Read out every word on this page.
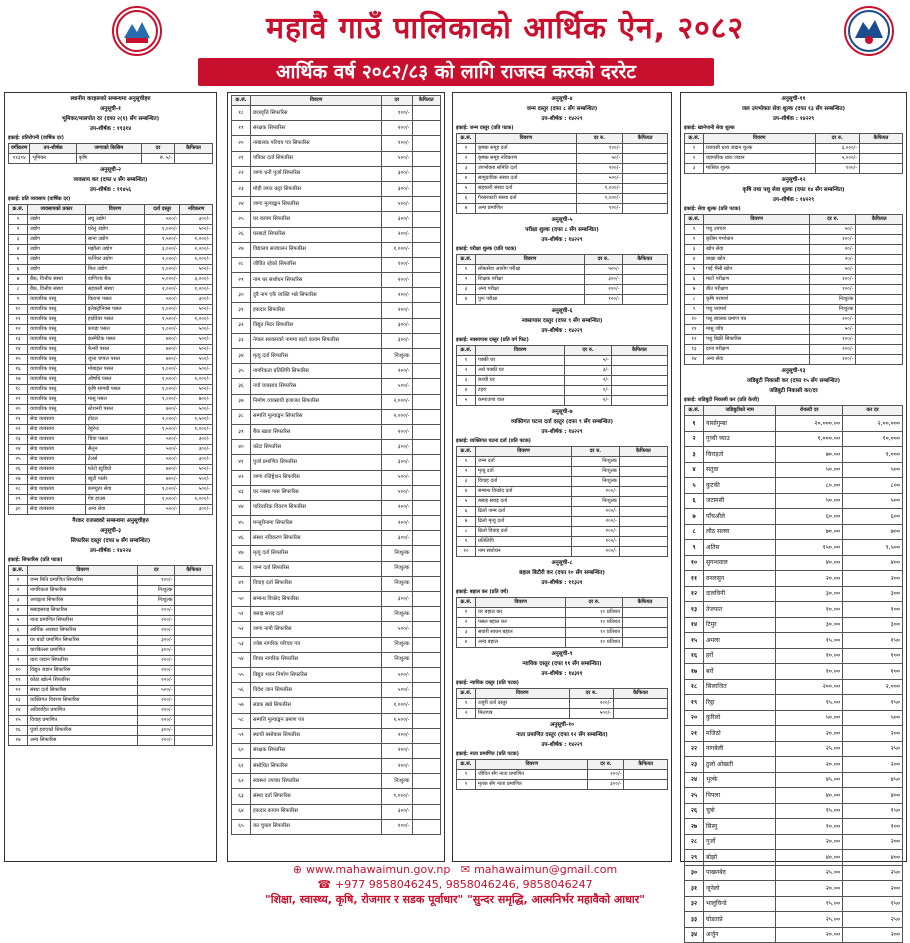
महावै गाउँ पालिकाको आर्थिक ऐन, २०८२
आर्थिक वर्ष २०८२/८३ को लागि राजस्व करको दररेट
स्थानीय करहरूको सम्बन्धमा अनुसूचीहरु
अनुसूची-१
भूमिकर/मालपोत दर (दफा २(१) सँग सम्बन्धित)
उप-शीर्षक : ११३१४
इकाई: प्रतिरोपनी (वार्षिक दर)
वर्गीकरण	उप-शीर्षक	जग्गाको किसिम	दर	कैफियत
११३१४	भूमिकर	कृषि	रु. ५/-	
अनुसूची-२
व्यवसाय कर (दफा ४ सँग सम्बन्धित)
उप-शीर्षक : ११४५६
इकाई: प्रति व्यवसाय (वार्षिक दर)
क्र.सं.	व्यवसायको प्रकार	विवरण	दर्ता दस्तुर	नविकरण
१	उद्योग	लघु उद्योग	५००/-	३००/-
२	उद्योग	घरेलु उद्योग	१,०००/-	५००/-
३	उद्योग	साना उद्योग	१,५००/-	१,०००/-
४	उद्योग	मझौला उद्योग	३,०००/-	२,०००/-
५	उद्योग	फर्निचर उद्योग	२,०००/-	१,०००/-
६	उद्योग	मिल उद्योग	१,०००/-	५००/-
७	बैंक, वित्तीय संस्था	वाणिज्य बैंक	५,०००/-	३,०००/-
८	बैंक, वित्तीय संस्था	सहकारी संस्था	२,०००/-	१,०००/-
९	व्यापारिक वस्तु	किराना पसल	५००/-	३००/-
१०	व्यापारिक वस्तु	इलेक्ट्रोनिक्स पसल	१,०००/-	५००/-
११	व्यापारिक वस्तु	हार्डवेयर पसल	१,५००/-	१,०००/-
१२	व्यापारिक वस्तु	कपडा पसल	१,०००/-	५००/-
१३	व्यापारिक वस्तु	कस्मेटिक पसल	७००/-	५००/-
१४	व्यापारिक वस्तु	फेन्सी पसल	७००/-	५००/-
१५	व्यापारिक वस्तु	जुत्ता चप्पल पसल	७००/-	५००/-
१६	व्यापारिक वस्तु	मोबाइल पसल	१,०००/-	५००/-
१७	व्यापारिक वस्तु	औषधि पसल	१,५००/-	१,०००/-
१८	व्यापारिक वस्तु	कृषि सामग्री पसल	१,०००/-	५००/-
१९	व्यापारिक वस्तु	मासु पसल	१,०००/-	७००/-
२०	व्यापारिक वस्तु	स्टेशनरी पसल	७००/-	५००/-
२१	सेवा व्यवसाय	होटल	२,०००/-	१,५००/-
२२	सेवा व्यवसाय	रेष्टुरेन्ट	१,५००/-	१,०००/-
२३	सेवा व्यवसाय	चिया पसल	५००/-	३००/-
२४	सेवा व्यवसाय	सैलुन	५००/-	३००/-
२५	सेवा व्यवसाय	टेलर्स	५००/-	३००/-
२६	सेवा व्यवसाय	फोटो स्टुडियो	७००/-	५००/-
२७	सेवा व्यवसाय	ब्युटी पार्लर	७००/-	५००/-
२८	सेवा व्यवसाय	कम्प्युटर सेवा	१,०००/-	५००/-
२९	सेवा व्यवसाय	गेष्ट हाउस	१,५००/-	१,०००/-
३०	सेवा व्यवसाय	अन्य सेवा	५००/-	३००/-
गैरकर राजस्वको सम्बन्धमा अनुसूचीहरु
अनुसूची-३
सिफारिस दस्तुर (दफा ७ सँग सम्बन्धित)
उप-शीर्षक : १४२२४
इकाई: सिफारिस (प्रति पटक)
क्र.सं.	विवरण	दर	कैफियत
१	जन्म मिति प्रमाणित सिफारिस	१००/-	
२	नागरिकता सिफारिस	निःशुल्क	
३	अपाङ्गता सिफारिस	निःशुल्क	
४	बसाइसराइ सिफारिस	२००/-	
५	नाता प्रमाणित सिफारिस	२००/-	
६	आर्थिक अवस्था सिफारिस	२००/-	
७	घर बाटो प्रमाणित सिफारिस	३००/-	
८	चारकिल्ला प्रमाणित	३००/-	
९	धारा जडान सिफारिस	२००/-	
१०	विद्युत जडान सिफारिस	२००/-	
११	कोठा खोल्ने सिफारिस	२००/-	
१२	संस्था दर्ता सिफारिस	५००/-	
१३	व्यक्तिगत विवरण सिफारिस	२००/-	
१४	अविवाहित प्रमाणित	२००/-	
१५	विवाह प्रमाणित	२००/-	
१६	पुर्जा हराएको सिफारिस	३००/-	
१७	अन्य सिफारिस	२००/-	
क्र.सं.	विवरण	दर	कैफियत
१८	छात्रवृत्ति सिफारिस	१००/-	
१९	संरक्षक सिफारिस	२००/-	
२०	नाबालक परिचय पत्र सिफारिस	१००/-	
२१	पत्रिका दर्ता सिफारिस	५००/-	
२२	जग्गा धनी पुर्जा सिफारिस	३००/-	
२३	मोही लगत कट्टा सिफारिस	३००/-	
२४	जग्गा मुल्याङ्कन सिफारिस	५००/-	
२५	घर कायम सिफारिस	३००/-	
२६	घरबाटो सिफारिस	२००/-	
२७	विद्यालय सञ्चालन सिफारिस	१,०००/-	
२८	जीवित रहेको सिफारिस	१००/-	
२९	नाम थर संशोधन सिफारिस	२००/-	
३०	दुवै नाम एकै व्यक्ति भन्ने सिफारिस	२००/-	
३१	हकदार सिफारिस	२००/-	
३२	विद्युत मिटर सिफारिस	३००/-	
३३	नेपाल सरकारको नाममा बाटो कायम सिफारिस	३००/-	
३४	मृत्यु दर्ता सिफारिस	निःशुल्क	
३५	नागरिकता प्रतिलिपि सिफारिस	२००/-	
३६	नयाँ व्यवसाय सिफारिस	५००/-	
३७	निर्माण व्यवसायी इजाजत सिफारिस	२,०००/-	
३८	सम्पत्ति मूल्याङ्कन सिफारिस	२,०००/-	
३९	बैंक खाता सिफारिस	२००/-	
४०	कोटा सिफारिस	३००/-	
४१	पुर्जा प्रमाणित सिफारिस	३००/-	
४२	जग्गा रजिष्ट्रेशन सिफारिस	५००/-	
४३	घर नक्सा पास सिफारिस	५००/-	
४४	पारिवारिक विवरण सिफारिस	२००/-	
४५	मन्जुरीनामा सिफारिस	२००/-	
४६	संस्था नविकरण सिफारिस	३००/-	
४७	मृत्यु दर्ता सिफारिस	निःशुल्क	
४८	जन्म दर्ता सिफारिस	निःशुल्क	
४९	विवाह दर्ता सिफारिस	निःशुल्क	
५०	सम्बन्ध विच्छेद सिफारिस	३००/-	
५१	बसाइ सराइ दर्ता	निःशुल्क	
५२	जग्गा नापी सिफारिस	५००/-	
५३	ज्येष्ठ नागरिक परिचय पत्र	निःशुल्क	
५४	विपन्न नागरिक सिफारिस	निःशुल्क	
५५	विद्युत भवन निर्माण सिफारिस	५००/-	
५६	विदेश जान सिफारिस	५००/-	
५७	सडक खन्ने सिफारिस	१,०००/-	
५८	सम्पत्ति मूल्याङ्कन प्रमाण पत्र	१,५००/-	
५९	स्थायी बसोबास सिफारिस	२००/-	
६०	संरक्षक सिफारिस	२००/-	
६१	संसोधित सिफारिस	२००/-	
६२	स्वास्थ्य उपचार सिफारिस	निःशुल्क	
६३	संस्था दर्ता सिफारिस	१,०००/-	
६४	हकदार कायम सिफारिस	३००/-	
६५	कर चुक्ता सिफारिस	१००/-	
अनुसूची-४
जन्म दस्तुर (दफा ८ सँग सम्बन्धित)
उप-शीर्षक : १४२२९
इकाई: जन्म दस्तुर (प्रति पटक)
क्र.सं.	विवरण	दर रु.	कैफियत
१	कृषक समूह दर्ता	१००/-	
२	कृषक समूह नविकरण	५०/-	
३	उपभोक्ता समिति दर्ता	२००/-	
४	सामुदायिक संस्था दर्ता	५००/-	
५	सहकारी संस्था दर्ता	१,०००/-	
६	गैरसरकारी संस्था दर्ता	१,०००/-	
७	अन्य प्रमाणित	१००/-	
अनुसूची-५
परीक्षा शुल्क (दफा ८ सँग सम्बन्धित)
उप-शीर्षक : १४२२९
इकाई: परीक्षा शुल्क (प्रति पटक)
क्र.सं.	विवरण	दर रु.	कैफियत
१	लोकसेवा आयोग परीक्षा	५००/-	
२	शिक्षक परीक्षा	३००/-	
३	अन्य परीक्षा	२००/-	
४	पुनः परीक्षा	१००/-	
अनुसूची-६
नक्सापास दस्तुर (दफा ९ सँग सम्बन्धित)
उप-शीर्षक : १४२२९
इकाई: नक्सापास दस्तुर (प्रति वर्ग फिट)
क्र.सं.	विवरण	दर रु.	कैफियत
१	पक्की घर	५/-	
२	अर्ध पक्की घर	३/-	
३	कच्ची घर	२/-	
४	टहरा	१/-	
५	कम्पाउण्ड वाल	२/-	
अनुसूची-७
व्यक्तिगत घटना दर्ता दस्तुर (दफा ९ सँग सम्बन्धित)
उप-शीर्षक : १४२२९
इकाई: व्यक्तिगत घटना दर्ता (प्रति पटक)
क्र.सं.	विवरण	दर रु.	कैफियत
१	जन्म दर्ता	निःशुल्क	
२	मृत्यु दर्ता	निःशुल्क	
३	विवाह दर्ता	निःशुल्क	
४	सम्बन्ध विच्छेद दर्ता	२००/-	
५	बसाइ सराइ दर्ता	निःशुल्क	
६	ढिलो जन्म दर्ता	२००/-	
७	ढिलो मृत्यु दर्ता	२००/-	
८	ढिलो विवाह दर्ता	२००/-	
९	प्रतिलिपि	१००/-	
१०	नाम संशोधन	२००/-	
अनुसूची-८
बहाल बिटौरी कर (दफा १० सँग सम्बन्धित)
उप-शीर्षक : ११३२१
इकाई: बहाल कर (प्रति वर्ष)
क्र.सं.	विवरण	दर रु.	कैफियत
१	घर बहाल कर	१० प्रतिशत	
२	पसल बहाल कर	१० प्रतिशत	
३	सवारी साधन बहाल	१० प्रतिशत	
४	अन्य बहाल	१० प्रतिशत	
अनुसूची-९
न्यायिक दस्तुर (दफा ११ सँग सम्बन्धित)
उप-शीर्षक : १४३११
इकाई: न्यायिक दस्तुर (प्रति पटक)
क्र.सं.	विवरण	दर रु.	कैफियत
१	उजुरी दर्ता दस्तुर	२००/-	
२	मिलापत्र	५००/-	
अनुसूची-१०
नाता प्रमाणित दस्तुर (दफा १२ सँग सम्बन्धित)
उप-शीर्षक : १४२२९
इकाई: नाता प्रमाणित (प्रति पटक)
क्र.सं.	विवरण	दर रु.	कैफियत
१	जीवित सँग नाता प्रमाणित	२००/-	
२	मृतक सँग नाता प्रमाणित	३००/-	
अनुसूची-११
जल उपभोक्ता सेवा शुल्क (दफा १३ सँग सम्बन्धित)
उप-शीर्षक : १४२२९
इकाई: खानेपानी सेवा शुल्क
क्र.सं.	विवरण	दर रु.	कैफियत
१	घरायसी धारा जडान शुल्क	३,०००/-	
२	व्यापारिक धारा जडान	५,०००/-	
३	मासिक शुल्क	१००/-	
अनुसूची-१२
कृषि तथा पशु सेवा शुल्क (दफा १४ सँग सम्बन्धित)
उप-शीर्षक : १४२२९
इकाई: सेवा शुल्क (प्रति पटक)
क्र.सं.	विवरण	दर रु.	कैफियत
१	पशु उपचार	५०/-	
२	कृत्रिम गर्भाधान	१००/-	
३	खोप सेवा	२०/-	
४	बाख्रा खोप	२०/-	
५	गाई भैंसी खोप	५०/-	
६	माटो परीक्षण	१००/-	
७	बीउ परीक्षण	१००/-	
८	कृषि परामर्श	निःशुल्क	
९	पशु परामर्श	निःशुल्क	
१०	पशु स्वास्थ्य प्रमाण पत्र	२००/-	
११	मासु जाँच	५०/-	
१२	पशु बिक्री सिफारिस	१००/-	
१३	दाना परीक्षण	२००/-	
१४	अन्य सेवा	१००/-	
अनुसूची-१३
जडिबुटी निकासी कर (दफा १५ सँग सम्बन्धित)
जडिबुटी निकासी कर/दर
इकाई: जडिबुटी निकासी कर (प्रति केजी)
क्र.सं.	जडिबुटीको नाम	रोयल्टी दर	कर दर
१	यार्सागुम्बा	२०,०००.००	२,००,०००
२	गुच्ची च्याउ	१,०००.००	१०,०००
३	चिराइतो	७०.००	१,०००
४	सतुवा	५०.००	५००
५	कुटकी	८०.००	८००
६	जटामसी	५०.००	५००
७	पाँचऔंले	६०.००	६००
८	लौठ सल्ला	७०.००	७००
९	अतिस	१५०.००	१,५००
१०	सुगन्धवाल	४०.००	४००
११	वनलसुन	२०.००	२००
१२	दालचिनी	३०.००	३००
१३	तेजपात	१०.००	१००
१४	टिमुर	३०.००	३००
१५	अमला	१५.००	१५०
१६	हर्रो	१०.००	१००
१७	बर्रो	१०.००	१००
१८	सिलाजित	२००.००	२,०००
१९	रिट्ठा	१५.००	१५०
२०	कुरिलो	५०.००	५००
२१	मजिठो	२०.००	२००
२२	नागबेली	२५.००	२५०
२३	ठुलो ओखती	२०.००	२००
२४	भुल्के	४५.००	४५०
२५	पिपला	४०.००	४००
२६	चुत्रो	१५.००	१५०
२७	सिस्नु	१०.००	१००
२८	गुर्जो	२०.००	२००
२९	बोझो	४०.००	४००
३०	पाखनबेद	२५.००	२५०
३१	जुनेलो	२०.००	२००
३२	भालुचिन्डे	१५.००	१५०
३३	घोडताप्रे	२५.००	२५०
३४	अर्जुन	२०.००	२००
⊕ www.mahawaimun.gov.np ✉ mahawaimun@gmail.com
☎ +977 9858046245, 9858046246, 9858046247
"शिक्षा, स्वास्थ्य, कृषि, रोजगार र सडक पूर्वाधार" "सुन्दर समृद्धि, आत्मनिर्भर महावैको आधार"
